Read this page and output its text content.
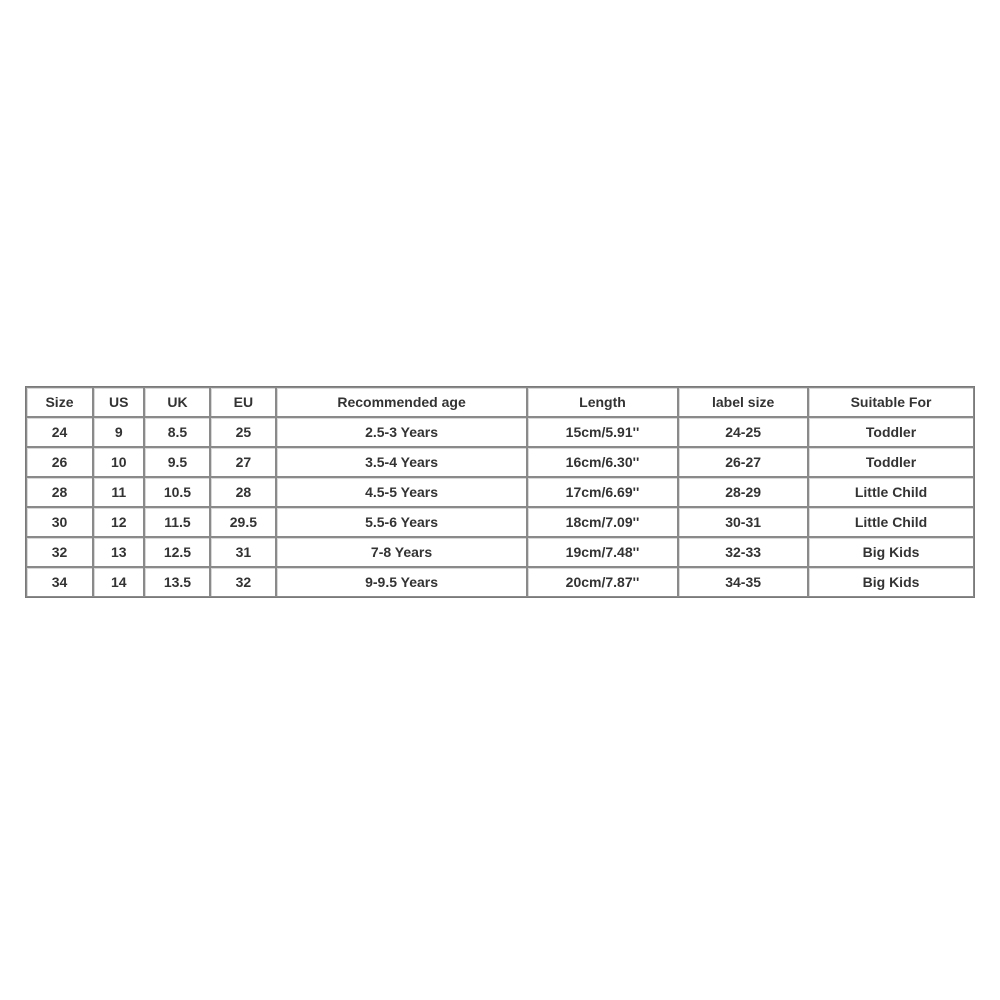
Size	US	UK	EU	Recommended age	Length	label size	Suitable For
24	9	8.5	25	2.5-3 Years	15cm/5.91''	24-25	Toddler
26	10	9.5	27	3.5-4 Years	16cm/6.30''	26-27	Toddler
28	11	10.5	28	4.5-5 Years	17cm/6.69''	28-29	Little Child
30	12	11.5	29.5	5.5-6 Years	18cm/7.09''	30-31	Little Child
32	13	12.5	31	7-8 Years	19cm/7.48''	32-33	Big Kids
34	14	13.5	32	9-9.5 Years	20cm/7.87''	34-35	Big Kids
